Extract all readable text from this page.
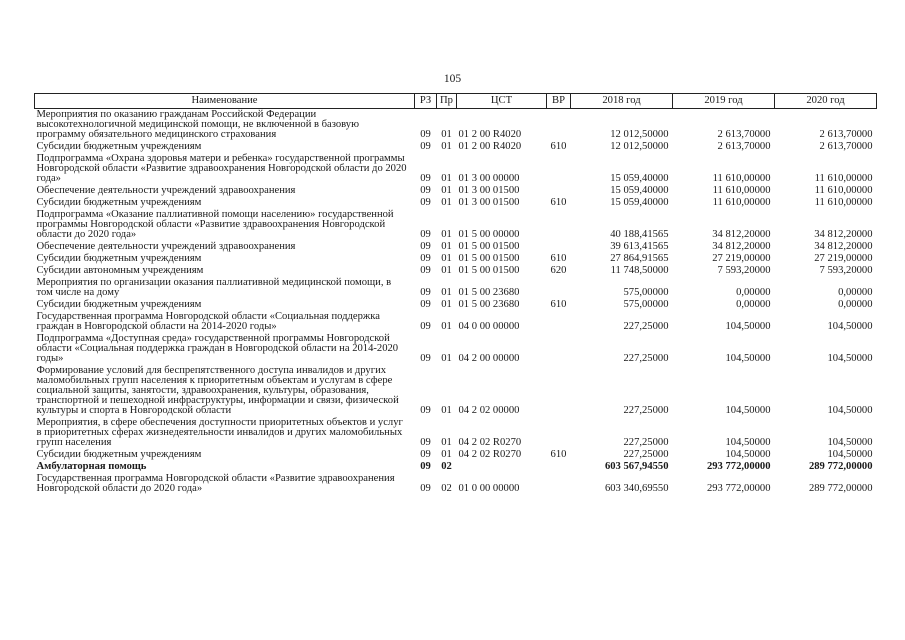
105
Наименование	РЗ	Пр	ЦСТ	ВР	2018 год	2019 год	2020 год
Мероприятия по оказанию гражданам Российской Федерации высокотехнологичной медицинской помощи, не включенной в базовую программу обязательного медицинского страхования	09	01	01 2 00 R4020		12 012,50000	2 613,70000	2 613,70000
Субсидии бюджетным учреждениям	09	01	01 2 00 R4020	610	12 012,50000	2 613,70000	2 613,70000
Подпрограмма «Охрана здоровья матери и ребенка» государственной программы Новгородской области «Развитие здравоохранения Новгородской области до 2020 года»	09	01	01 3 00 00000		15 059,40000	11 610,00000	11 610,00000
Обеспечение деятельности учреждений здравоохранения	09	01	01 3 00 01500		15 059,40000	11 610,00000	11 610,00000
Субсидии бюджетным учреждениям	09	01	01 3 00 01500	610	15 059,40000	11 610,00000	11 610,00000
Подпрограмма «Оказание паллиативной помощи населению» государственной программы Новгородской области «Развитие здравоохранения Новгородской области до 2020 года»	09	01	01 5 00 00000		40 188,41565	34 812,20000	34 812,20000
Обеспечение деятельности учреждений здравоохранения	09	01	01 5 00 01500		39 613,41565	34 812,20000	34 812,20000
Субсидии бюджетным учреждениям	09	01	01 5 00 01500	610	27 864,91565	27 219,00000	27 219,00000
Субсидии автономным учреждениям	09	01	01 5 00 01500	620	11 748,50000	7 593,20000	7 593,20000
Мероприятия по организации оказания паллиативной медицинской помощи, в том числе на дому	09	01	01 5 00 23680		575,00000	0,00000	0,00000
Субсидии бюджетным учреждениям	09	01	01 5 00 23680	610	575,00000	0,00000	0,00000
Государственная программа Новгородской области «Социальная поддержка граждан в Новгородской области на 2014-2020 годы»	09	01	04 0 00 00000		227,25000	104,50000	104,50000
Подпрограмма «Доступная среда» государственной программы Новгородской области «Социальная поддержка граждан в Новгородской области на 2014-2020 годы»	09	01	04 2 00 00000		227,25000	104,50000	104,50000
Формирование условий для беспрепятственного доступа инвалидов и других маломобильных групп населения к приоритетным объектам и услугам в сфере социальной защиты, занятости, здравоохранения, культуры, образования, транспортной и пешеходной инфраструктуры, информации и связи, физической культуры и спорта в Новгородской области	09	01	04 2 02 00000		227,25000	104,50000	104,50000
Мероприятия, в сфере обеспечения доступности приоритетных объектов и услуг в приоритетных сферах жизнедеятельности инвалидов и других маломобильных групп населения	09	01	04 2 02 R0270		227,25000	104,50000	104,50000
Субсидии бюджетным учреждениям	09	01	04 2 02 R0270	610	227,25000	104,50000	104,50000
Амбулаторная помощь	09	02			603 567,94550	293 772,00000	289 772,00000
Государственная программа Новгородской области «Развитие здравоохранения Новгородской области до 2020 года»	09	02	01 0 00 00000		603 340,69550	293 772,00000	289 772,00000
